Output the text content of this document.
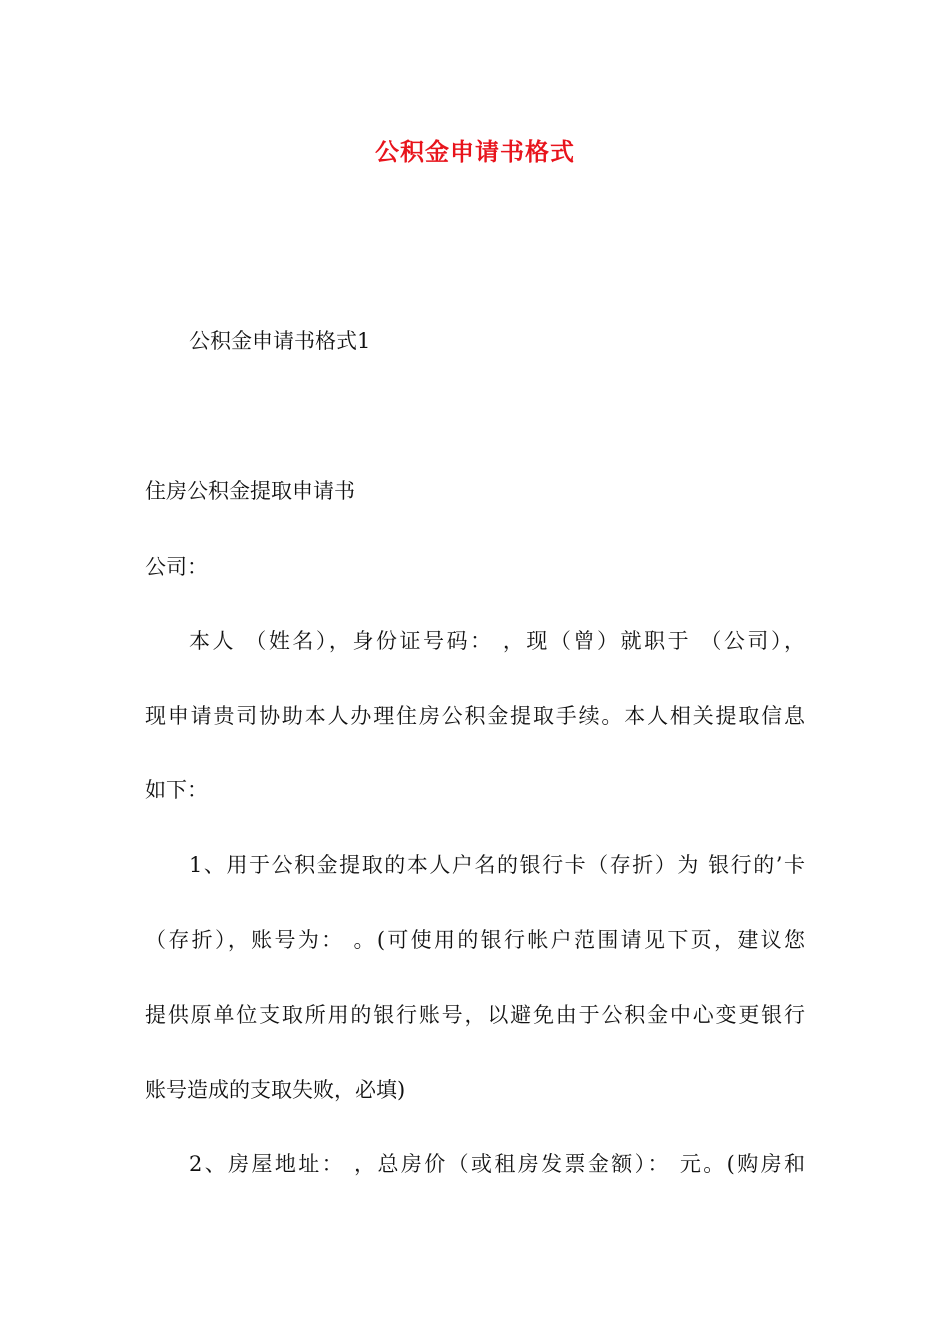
公积金申请书格式
公积金申请书格式1
住房公积金提取申请书
公司：
本人 （姓名），身份证号码： ，现（曾）就职于 （公司），
现申请贵司协助本人办理住房公积金提取手续。本人相关提取信息
如下：
1、用于公积金提取的本人户名的银行卡（存折）为 银行的’卡
（存折），账号为： 。(可使用的银行帐户范围请见下页，建议您
提供原单位支取所用的银行账号，以避免由于公积金中心变更银行
账号造成的支取失败，必填)
2、房屋地址： ，总房价（或租房发票金额）： 元。(购房和
